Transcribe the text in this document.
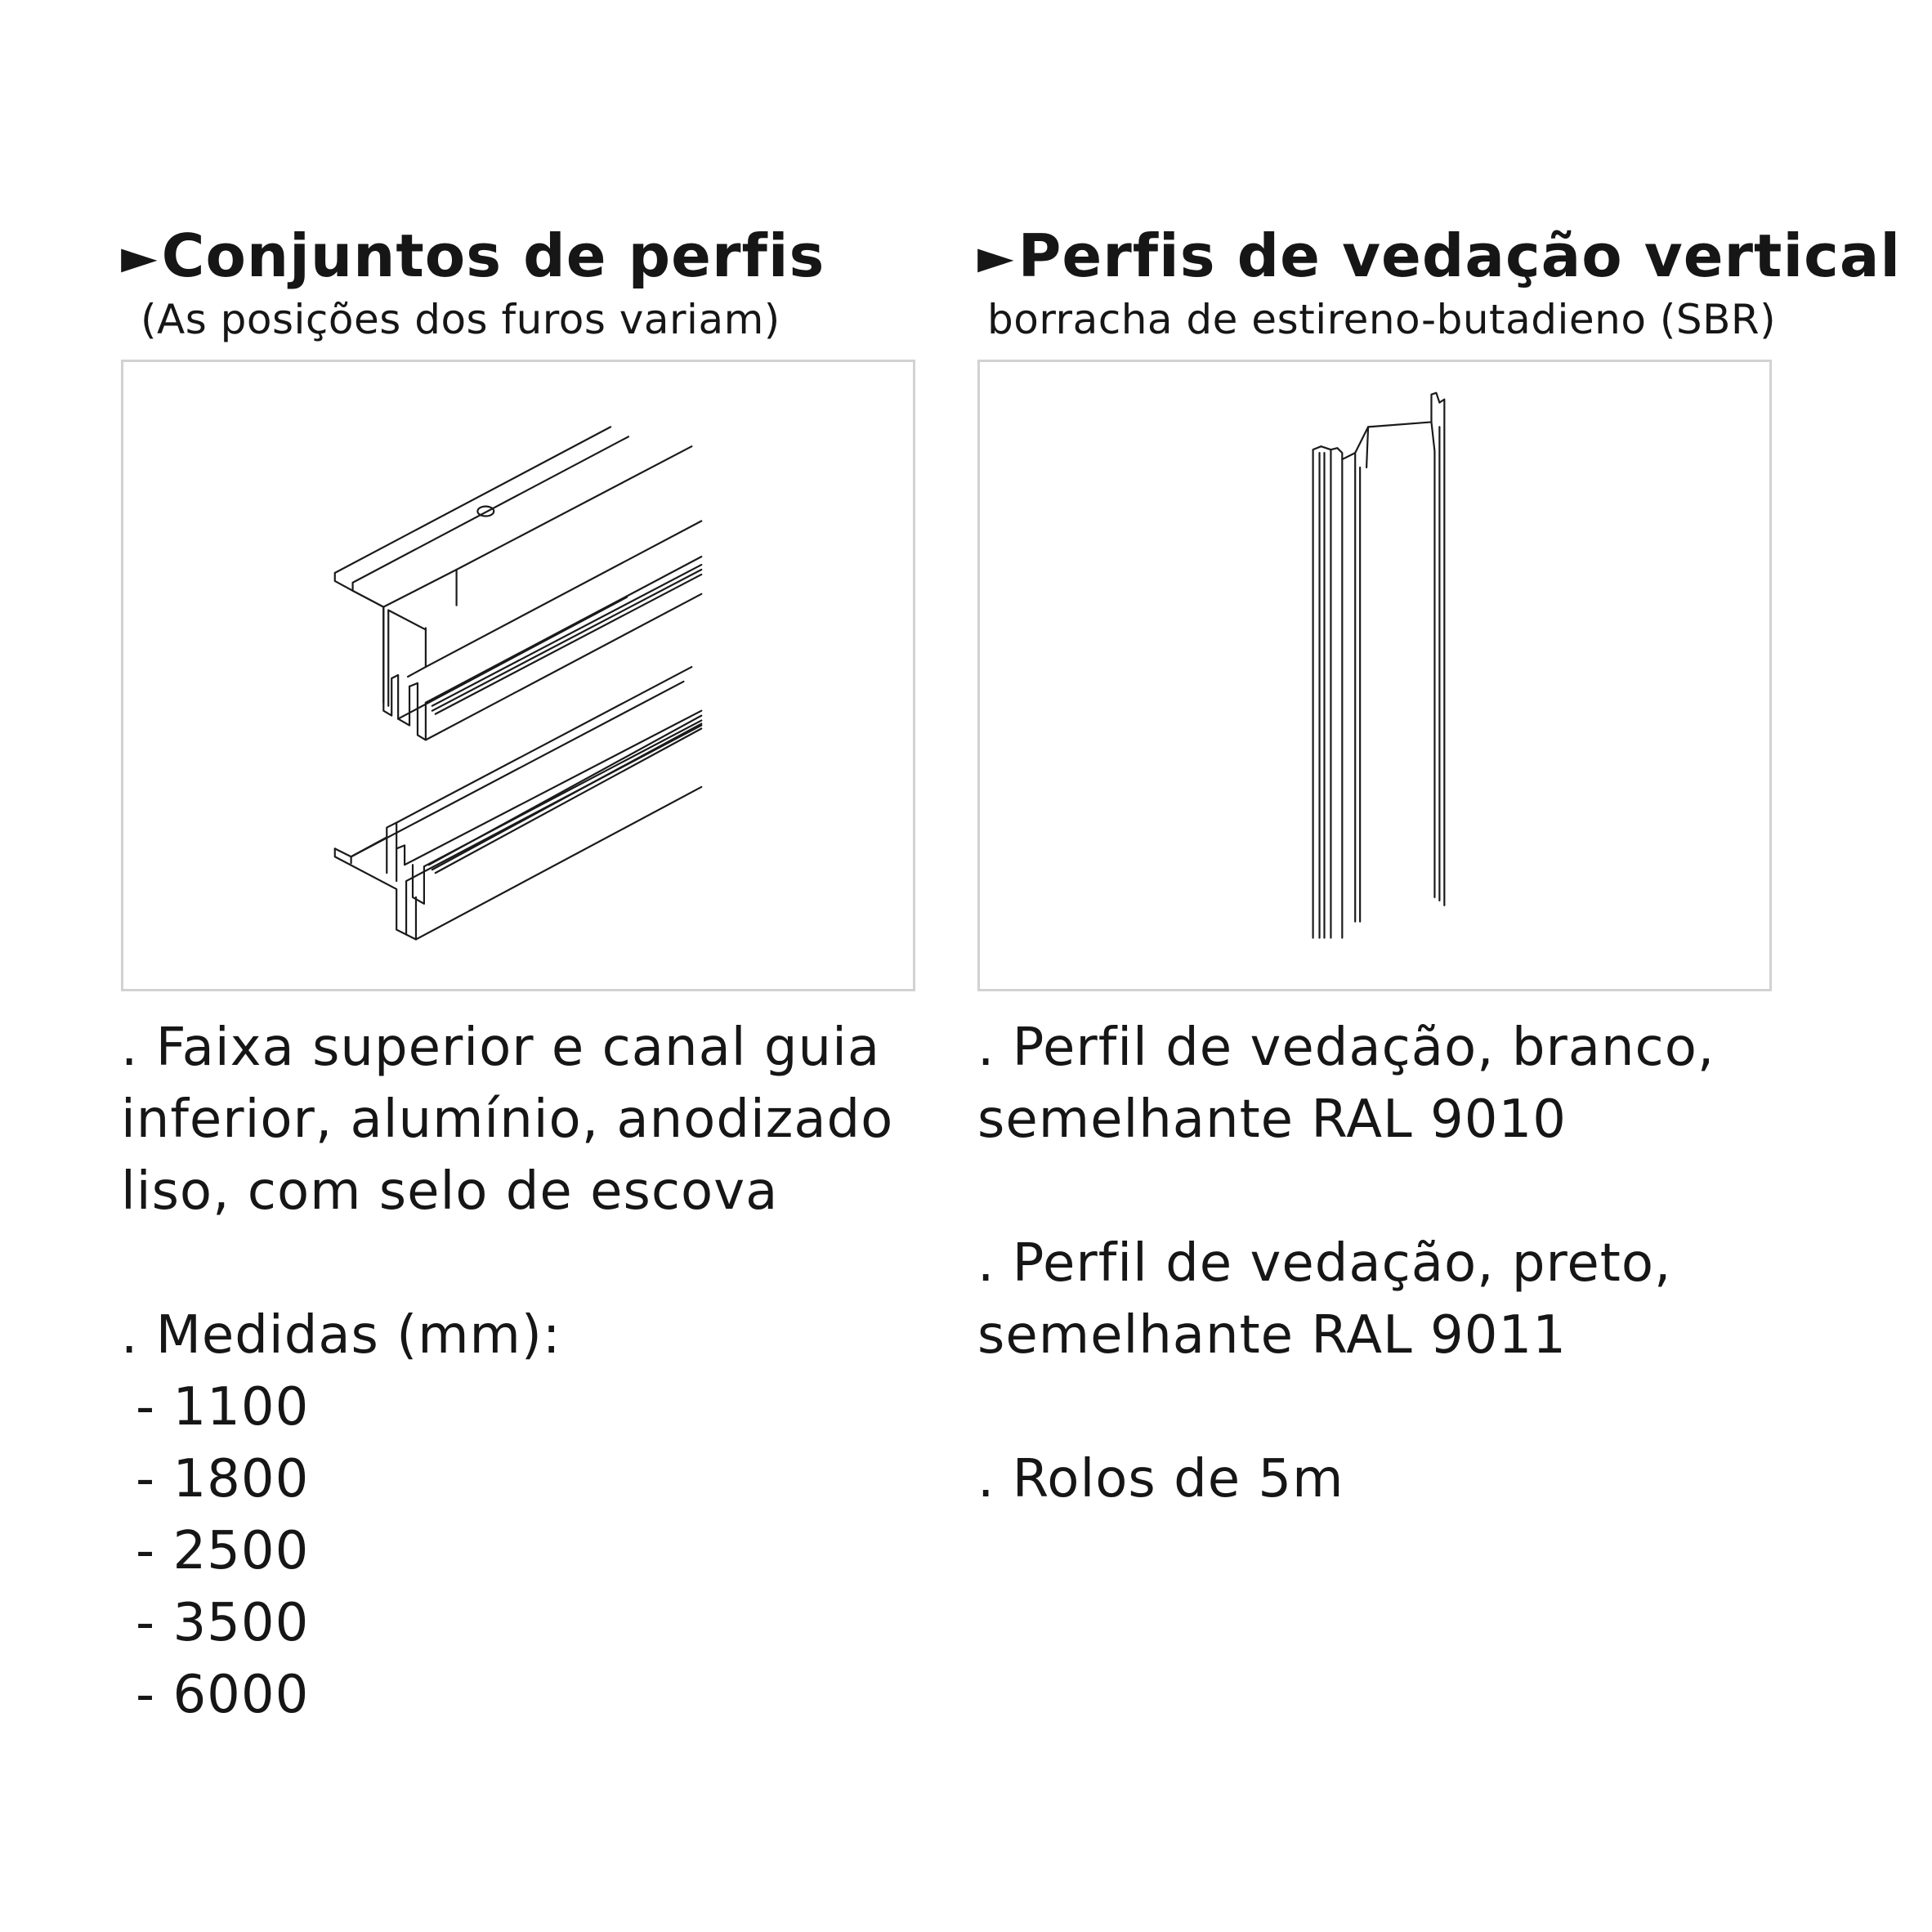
►Conjuntos de perfis
(As posições dos furos variam)

. Faixa superior e canal guia

inferior, alumínio, anodizado

liso, com selo de escova

. Medidas (mm):

- 1100

- 1800

- 2500

- 3500

- 6000

►Perfis de vedação vertical
borracha de estireno-butadieno (SBR)

. Perfil de vedação, branco,

semelhante RAL 9010

. Perfil de vedação, preto,

semelhante RAL 9011

. Rolos de 5m
